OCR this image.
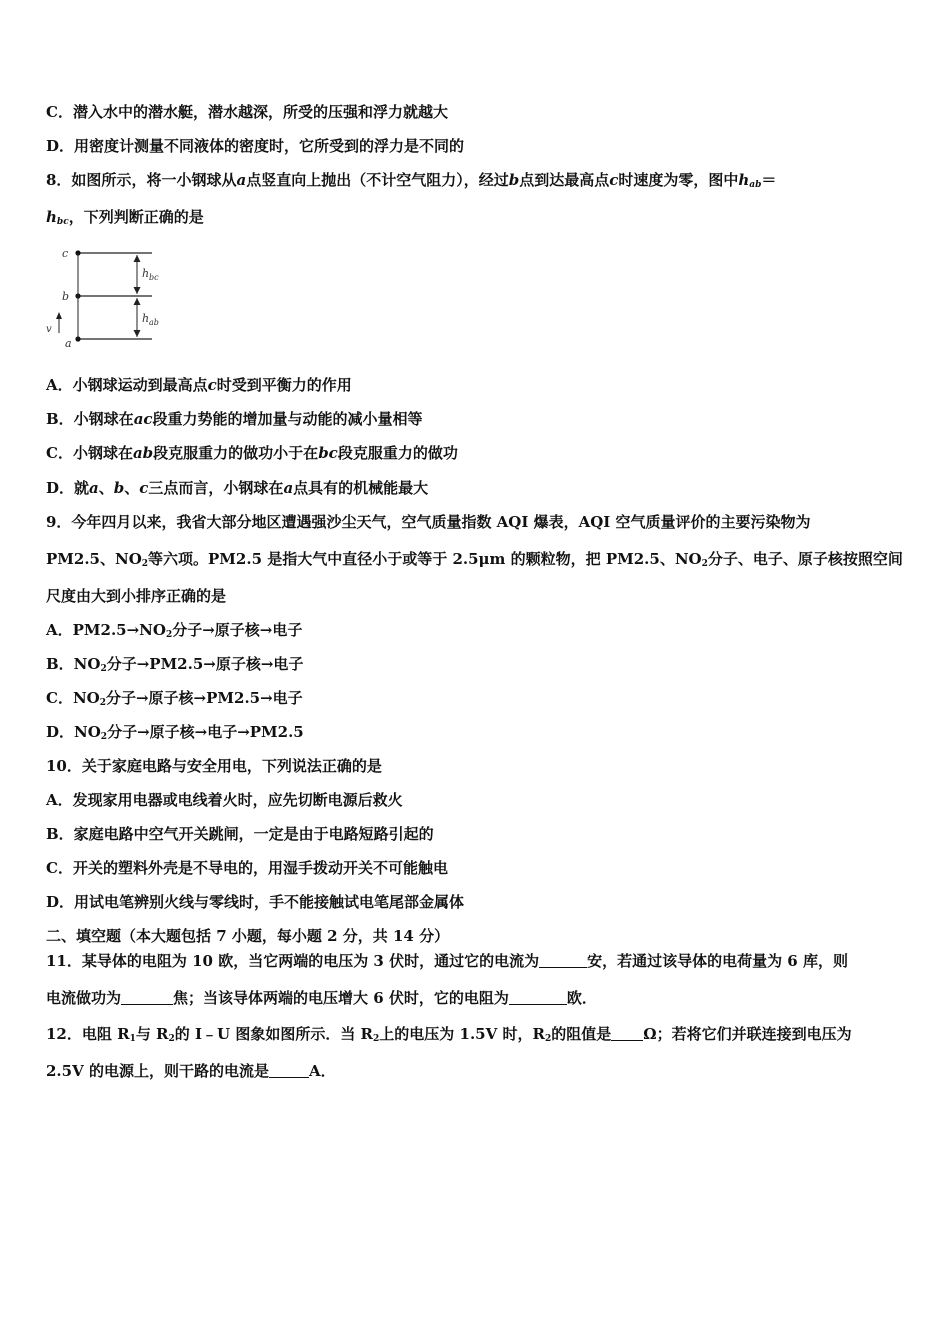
C．潜入水中的潜水艇，潜水越深，所受的压强和浮力就越大
D．用密度计测量不同液体的密度时，它所受到的浮力是不同的
8．如图所示，将一小钢球从a点竖直向上抛出（不计空气阻力），经过b点到达最高点c时速度为零，图中$h_{ab}=$
$h_{bc}$，下列判断正确的是
c
b
a
v
h bc
h ab
A．小钢球运动到最高点c时受到平衡力的作用
B．小钢球在ac段重力势能的增加量与动能的减小量相等
C．小钢球在ab段克服重力的做功小于在bc段克服重力的做功
D．就a、b、c三点而言，小钢球在a点具有的机械能最大
9．今年四月以来，我省大部分地区遭遇强沙尘天气，空气质量指数 AQI 爆表，AQI 空气质量评价的主要污染物为
PM2.5、$NO_2$等六项。PM2.5 是指大气中直径小于或等于 2.5μm 的颗粒物，把 PM2.5、$NO_2$分子、电子、原子核按照空间
尺度由大到小排序正确的是
A．$PM2.5\to NO_2$分子→原子核→电子
B．$NO_2$分子→PM2.5→原子核→电子
C．$NO_2$分子→原子核→PM2.5→电子
D．$NO_2$分子→原子核→电子→PM2.5
10．关于家庭电路与安全用电，下列说法正确的是
A．发现家用电器或电线着火时，应先切断电源后救火
B．家庭电路中空气开关跳闸，一定是由于电路短路引起的
C．开关的塑料外壳是不导电的，用湿手拨动开关不可能触电
D．用试电笔辨别火线与零线时，手不能接触试电笔尾部金属体
二、填空题（本大题包括 7 小题，每小题 2 分，共 14 分）
11．某导体的电阻为 10 欧，当它两端的电压为 3 伏时，通过它的电流为	安，若通过该导体的电荷量为 6 库，则
电流做功为	焦；当该导体两端的电压增大 6 伏时，它的电阻为	欧．
12．电阻 $R_1$与 $R_2$的 I﹣U 图象如图所示．当 $R_2$上的电压为 1.5V 时，$R_2$的阻值是 Ω；若将它们并联连接到电压为
2.5V 的电源上，则干路的电流是	A．
